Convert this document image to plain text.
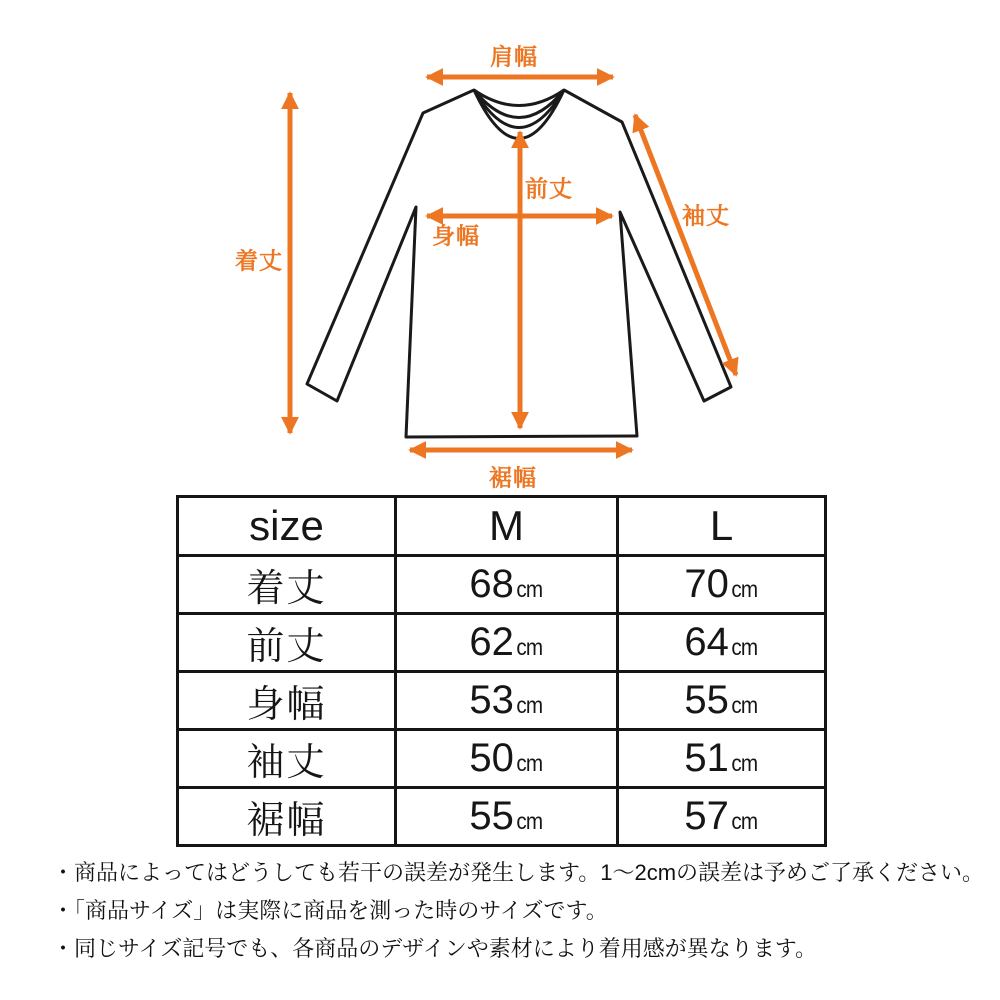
肩幅
着丈
前丈
身幅
袖丈
裾幅
size	M	L
着丈	68 cm	70 cm
前丈	62 cm	64 cm
身幅	53 cm	55 cm
袖丈	50 cm	51 cm
裾幅	55 cm	57 cm
・商品によってはどうしても若干の誤差が発生します。1～2cmの誤差は予めご了承ください。
・「商品サイズ」は実際に商品を測った時のサイズです。
・同じサイズ記号でも、各商品のデザインや素材により着用感が異なります。
